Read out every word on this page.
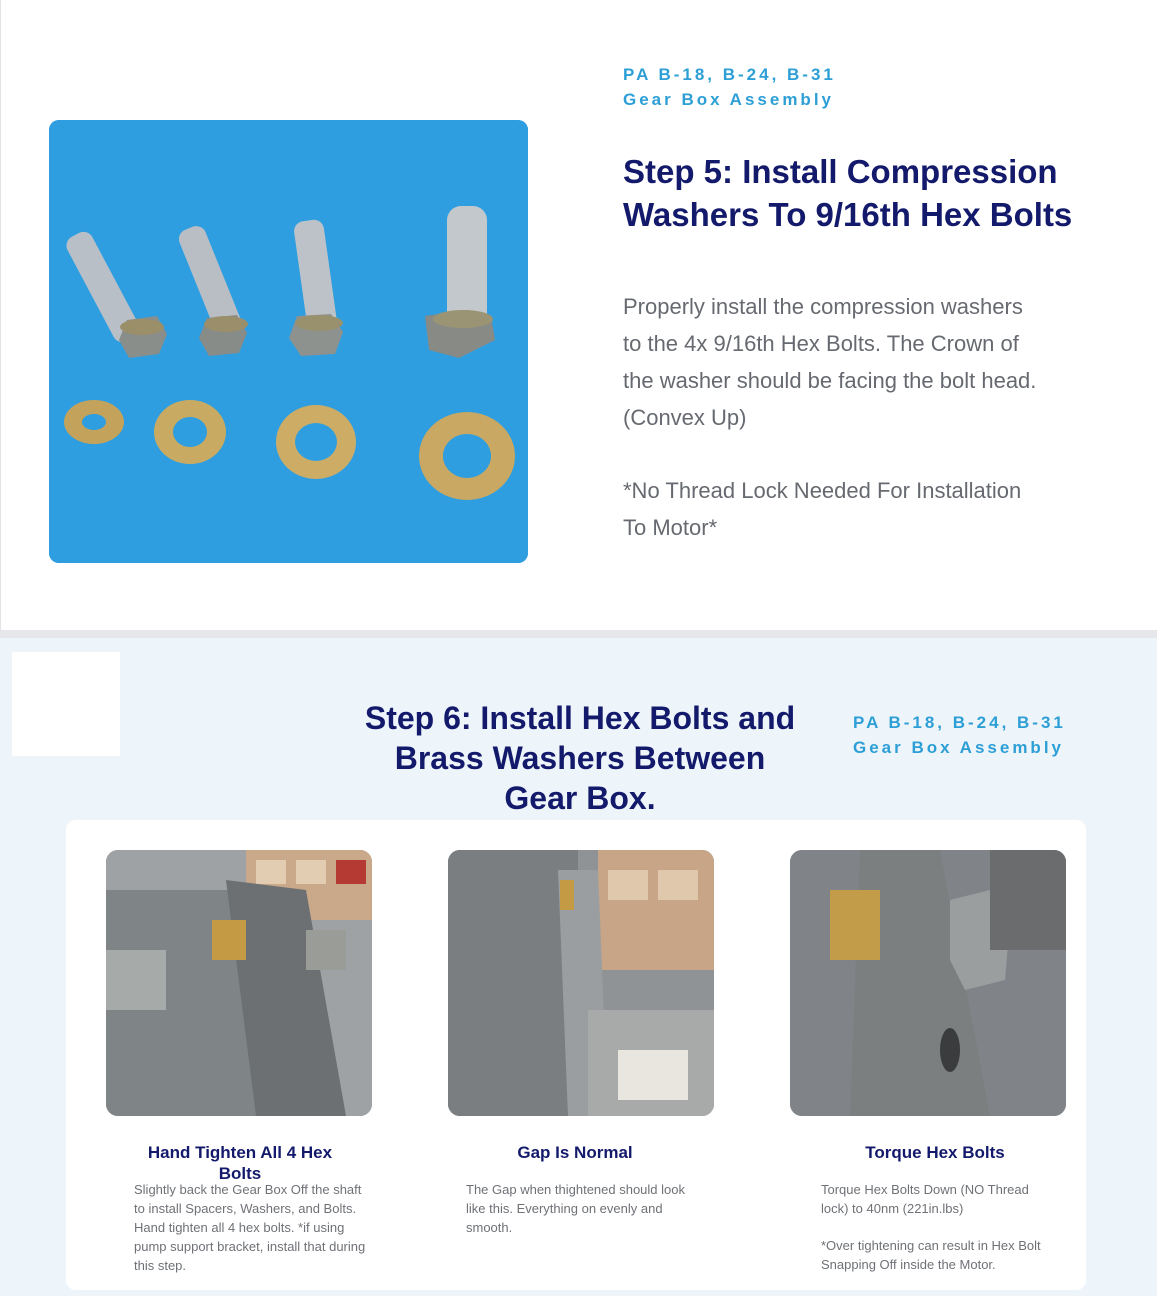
PA B-18, B-24, B-31
Gear Box Assembly
Step 5: Install Compression Washers To 9/16th Hex Bolts
Properly install the compression washers to the 4x 9/16th Hex Bolts. The Crown of the washer should be facing the bolt head. (Convex Up)
*No Thread Lock Needed For Installation To Motor*
Step 6: Install Hex Bolts and Brass Washers Between Gear Box.
PA B-18, B-24, B-31
Gear Box Assembly
Hand Tighten All 4 Hex Bolts
Gap Is Normal	Torque Hex Bolts
Slightly back the Gear Box Off the shaft to install Spacers, Washers, and Bolts. Hand tighten all 4 hex bolts. *if using pump support bracket, install that during this step.
The Gap when thightened should look like this. Everything on evenly and smooth.
Torque Hex Bolts Down (NO Thread lock) to 40nm (221in.lbs)
*Over tightening can result in Hex Bolt Snapping Off inside the Motor.
